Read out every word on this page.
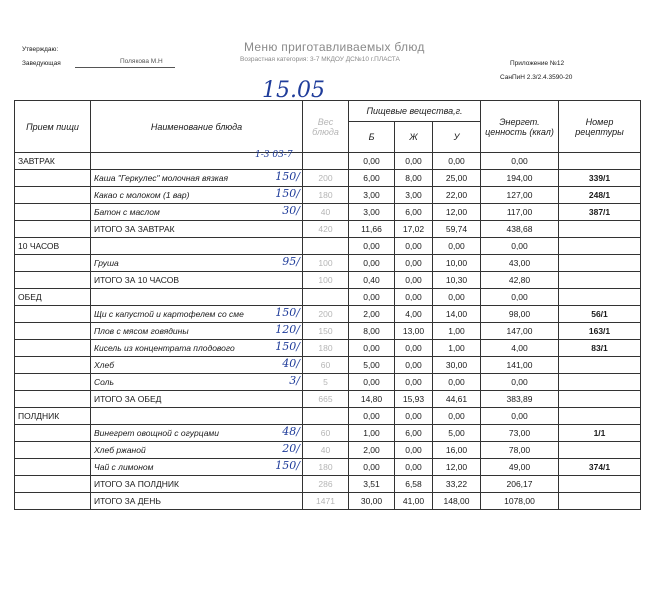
Утверждаю:
Заведующая	Полякова М.Н
Меню приготавливаемых блюд
Возрастная категория: 3-7 МКДОУ ДС№10 г.ПЛАСТА
Приложение №12
СанПиН 2.3/2.4.3590-20
15.05
Прием пищи	Наименование блюда	Вес блюда	Пищевые вещества,г.			Энергет. ценность (ккал)	Номер рецептуры

			Б	Ж	У		
ЗАВТРАК			0,00	0,00	0,00	0,00	
	Каша "Геркулес" молочная вязкая 150/	200	6,00	8,00	25,00	194,00	339/1
	Какао с молоком (1 вар) 150/	180	3,00	3,00	22,00	127,00	248/1
	Батон с маслом 30/	40	3,00	6,00	12,00	117,00	387/1
	ИТОГО ЗА ЗАВТРАК	420	11,66	17,02	59,74	438,68	
10 ЧАСОВ			0,00	0,00	0,00	0,00	
	Груша 95/	100	0,00	0,00	10,00	43,00	
	ИТОГО ЗА 10 ЧАСОВ	100	0,40	0,00	10,30	42,80	
ОБЕД			0,00	0,00	0,00	0,00	
	Щи с капустой и картофелем со сме 150/	200	2,00	4,00	14,00	98,00	56/1
	Плов с мясом говядины 120/	150	8,00	13,00	1,00	147,00	163/1
	Кисель из концентрата плодового 150/	180	0,00	0,00	1,00	4,00	83/1
	Хлеб 40/	60	5,00	0,00	30,00	141,00	
	Соль 3/	5	0,00	0,00	0,00	0,00	
	ИТОГО ЗА ОБЕД	665	14,80	15,93	44,61	383,89	
ПОЛДНИК			0,00	0,00	0,00	0,00	
	Винегрет овощной с огурцами 48/	60	1,00	6,00	5,00	73,00	1/1
	Хлеб ржаной 20/	40	2,00	0,00	16,00	78,00	
	Чай с лимоном 150/	180	0,00	0,00	12,00	49,00	374/1
	ИТОГО ЗА ПОЛДНИК	286	3,51	6,58	33,22	206,17	
	ИТОГО ЗА ДЕНЬ	1471	30,00	41,00	148,00	1078,00	
1-3 03-7
